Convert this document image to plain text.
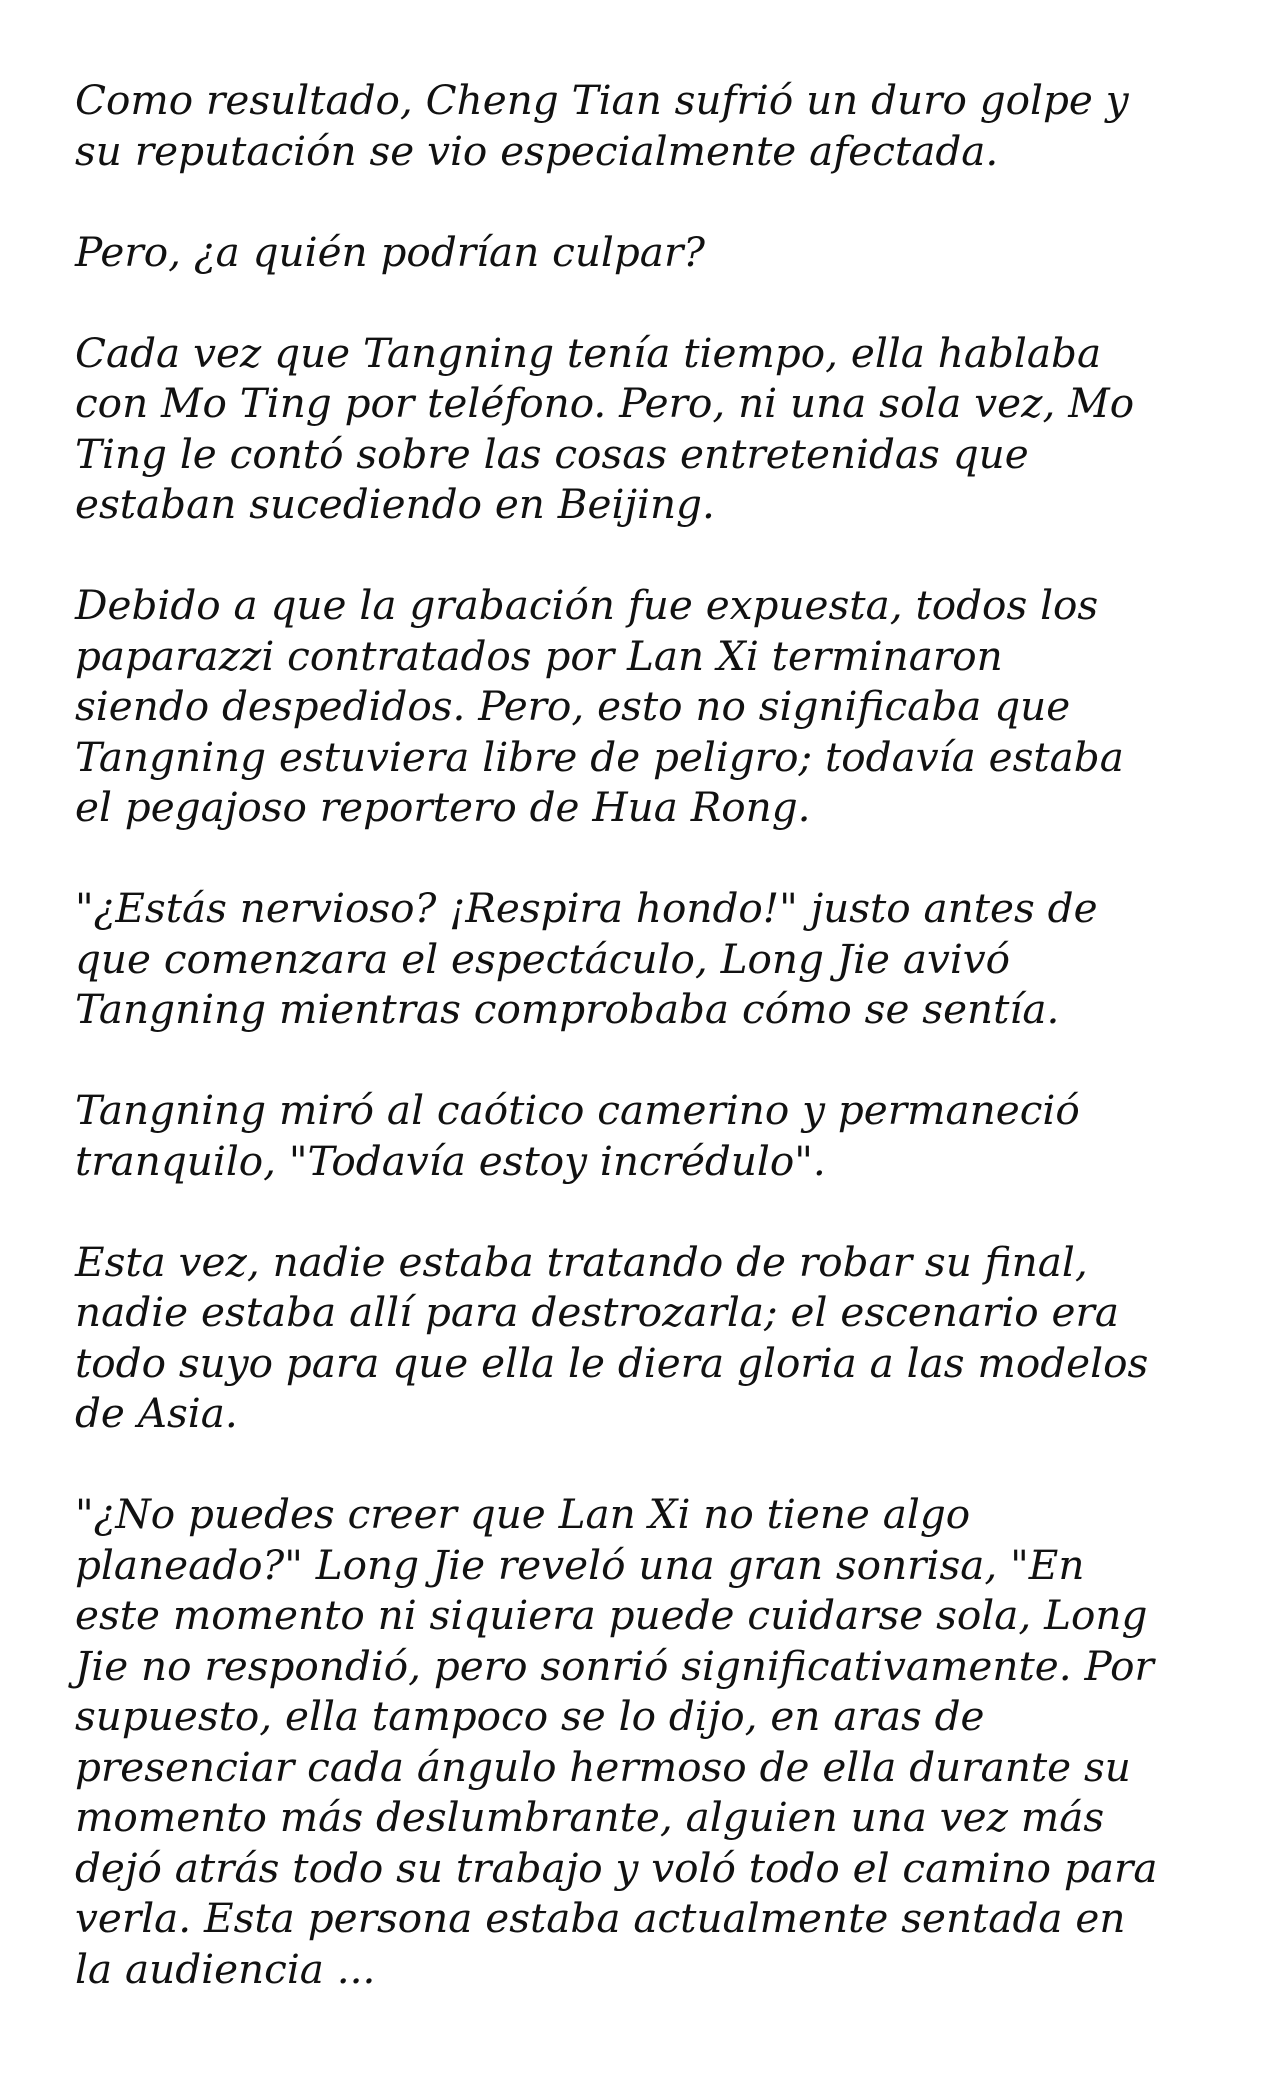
Como resultado, Cheng Tian sufrió un duro golpe y
su reputación se vio especialmente afectada.

Pero, ¿a quién podrían culpar?

Cada vez que Tangning tenía tiempo, ella hablaba
con Mo Ting por teléfono. Pero, ni una sola vez, Mo
Ting le contó sobre las cosas entretenidas que
estaban sucediendo en Beijing.

Debido a que la grabación fue expuesta, todos los
paparazzi contratados por Lan Xi terminaron
siendo despedidos. Pero, esto no significaba que
Tangning estuviera libre de peligro; todavía estaba
el pegajoso reportero de Hua Rong.

"¿Estás nervioso? ¡Respira hondo!" justo antes de
que comenzara el espectáculo, Long Jie avivó
Tangning mientras comprobaba cómo se sentía.

Tangning miró al caótico camerino y permaneció
tranquilo, "Todavía estoy incrédulo".

Esta vez, nadie estaba tratando de robar su final,
nadie estaba allí para destrozarla; el escenario era
todo suyo para que ella le diera gloria a las modelos
de Asia.

"¿No puedes creer que Lan Xi no tiene algo
planeado?" Long Jie reveló una gran sonrisa, "En
este momento ni siquiera puede cuidarse sola, Long
Jie no respondió, pero sonrió significativamente. Por
supuesto, ella tampoco se lo dijo, en aras de
presenciar cada ángulo hermoso de ella durante su
momento más deslumbrante, alguien una vez más
dejó atrás todo su trabajo y voló todo el camino para
verla. Esta persona estaba actualmente sentada en
la audiencia ...
